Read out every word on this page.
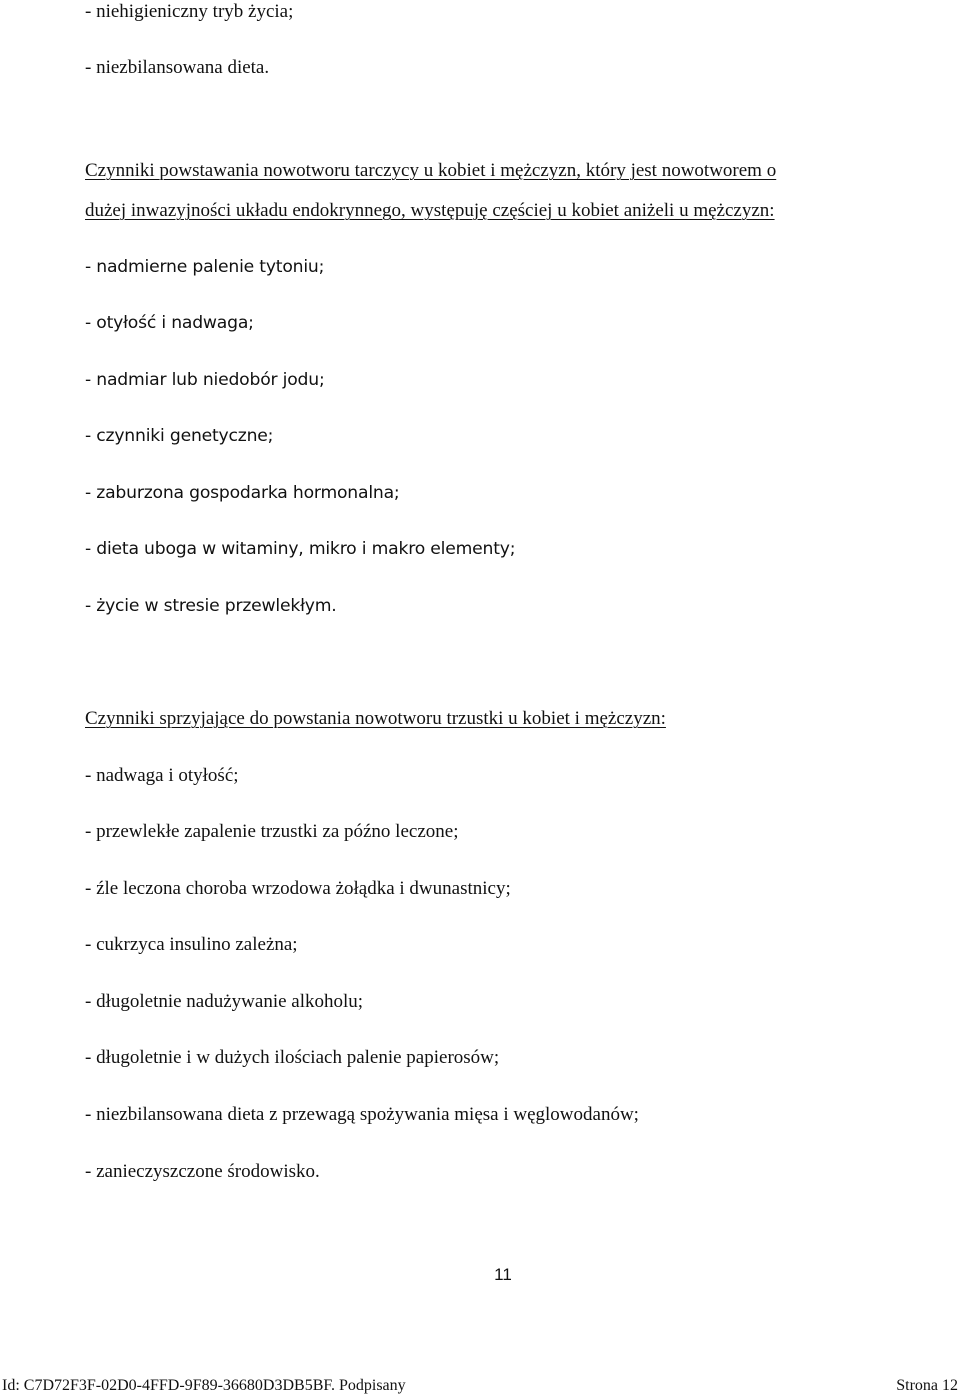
- niehigieniczny tryb życia;
- niezbilansowana dieta.
Czynniki powstawania nowotworu tarczycy u kobiet i mężczyzn, który jest nowotworem o
dużej inwazyjności układu endokrynnego, występuję częściej u kobiet aniżeli u mężczyzn:
- nadmierne palenie tytoniu;
- otyłość i nadwaga;
- nadmiar lub niedobór jodu;
- czynniki genetyczne;
- zaburzona gospodarka hormonalna;
- dieta uboga w witaminy, mikro i makro elementy;
- życie w stresie przewlekłym.
Czynniki sprzyjające do powstania nowotworu trzustki u kobiet i mężczyzn:
- nadwaga i otyłość;
- przewlekłe zapalenie trzustki za późno leczone;
- źle leczona choroba wrzodowa żołądka i dwunastnicy;
- cukrzyca insulino zależna;
- długoletnie nadużywanie alkoholu;
- długoletnie i w dużych ilościach palenie papierosów;
- niezbilansowana dieta z przewagą spożywania mięsa i węglowodanów;
- zanieczyszczone środowisko.
11
Id: C7D72F3F-02D0-4FFD-9F89-36680D3DB5BF. Podpisany	Strona 12
